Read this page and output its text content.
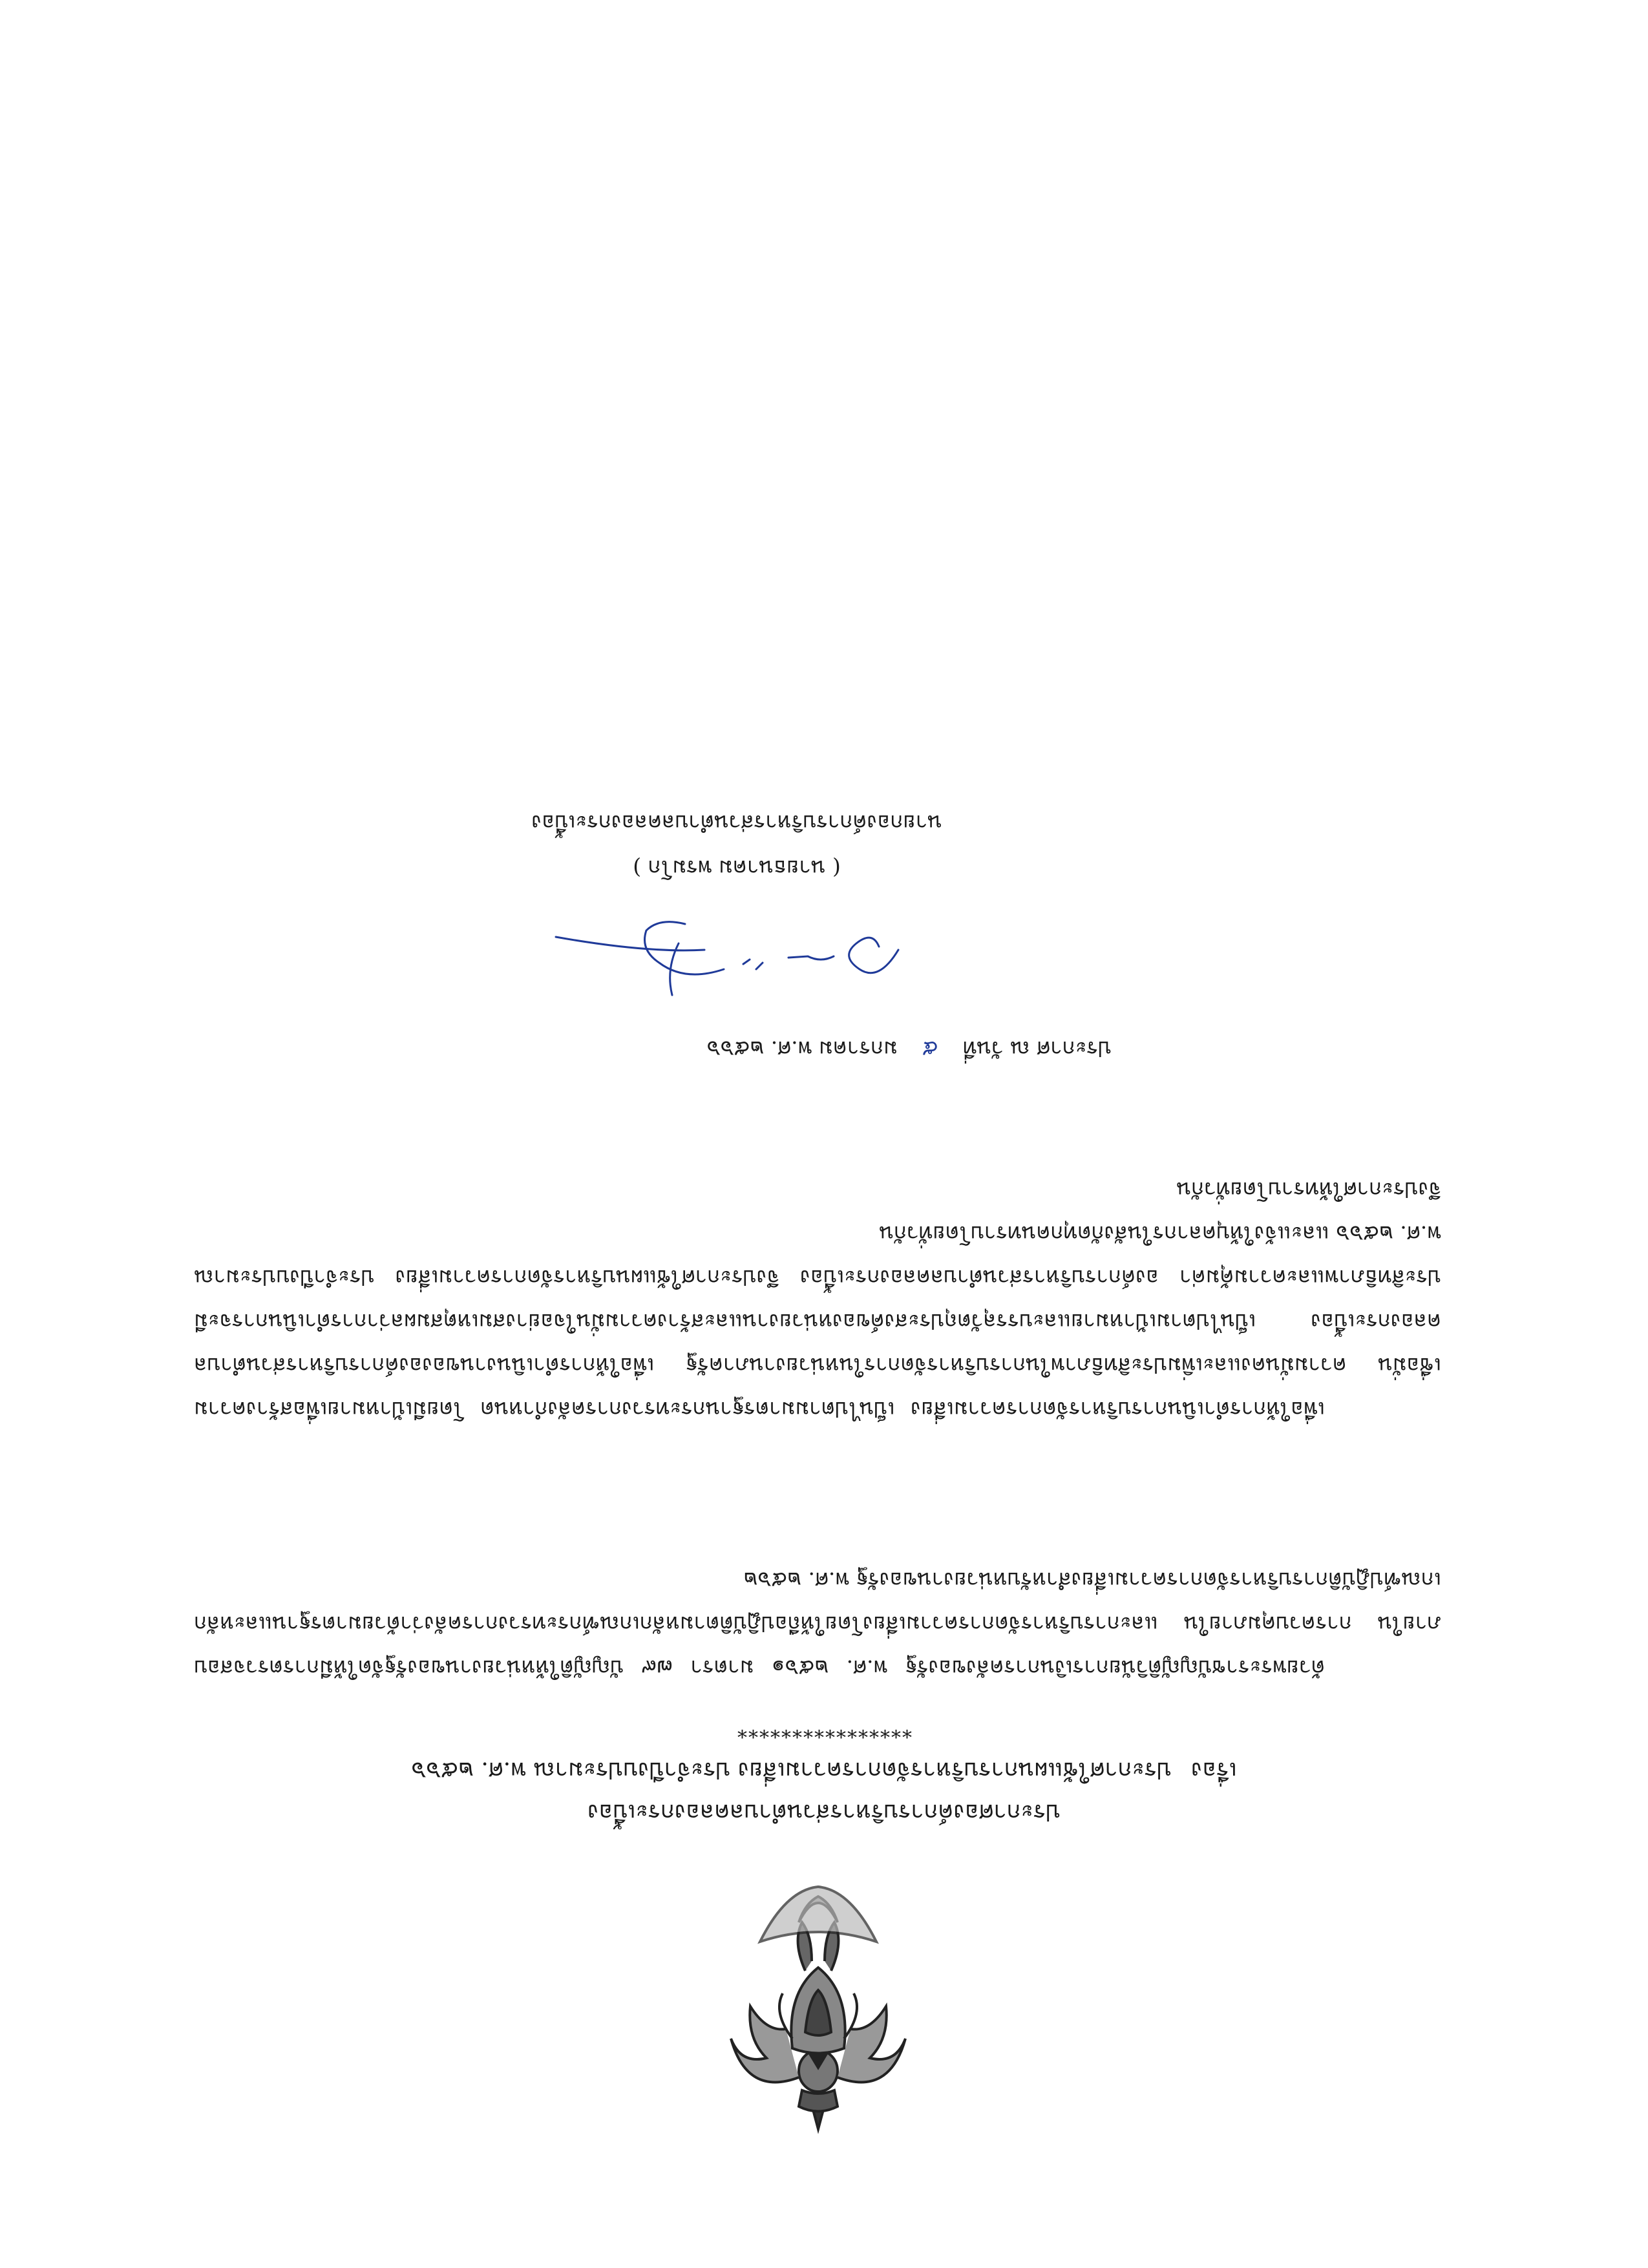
ประกาศองค์การบริหารส่วนตำบลคลองกระเบื้อง
เรื่องประกาศใช้แผนการบริหารจัดการความเสี่ยง ประจำปีงบประมาณ พ.ศ. ๒๕๖๖
****************
ด้วยพระราชบัญญัติวินัยการเงินการคลังของรัฐ พ.ศ. ๒๕๖๑ มาตรา ๗๙ บัญญัติให้หน่วยงานของรัฐจัดให้มีการตรวจสอบภายใน การควบคุมภายใน และการบริหารจัดการความเสี่ยงโดยให้ถือปฏิบัติตามหลักเกณฑ์กระทรวงการคลังว่าด้วยมาตรฐานและหลักเกณฑ์ปฏิบัติการบริหารจัดการความเสี่ยงสำหรับหน่วยงานของรัฐ พ.ศ. ๒๕๖๒
เพื่อให้การดำเนินการบริหารจัดการความเสี่ยง เป็นไปตามมาตรฐานกระทรวงการคลังกำหนด โดยมีเป้าหมายเพื่อสร้างความเชื่อมั่น ความมั่นคงและเพิ่มประสิทธิภาพในการบริหารจัดการในหน่วยงานภาครัฐ เพื่อให้การดำเนินงานขององค์การบริหารส่วนตำบลคลองกระเบื้อง เป็นไปตามเป้าหมายและบรรลุวัตถุประสงค์ของหน่วยงานและสร้างความมั่นใจอย่างสมเหตุสมผลว่าการดำเนินการจะมีประสิทธิภาพและความคุ้มค่า องค์การบริหารส่วนตำบลคลองกระเบื้อง จึงประกาศใช้แผนบริหารจัดการความเสี่ยง ประจำปีงบประมาณ พ.ศ. ๒๕๖๖ และแจ้งให้บุคลากรในสังกัดทุกคนทราบโดยทั่วกัน
จึงประกาศให้ทราบโดยทั่วกัน
ประกาศ ณ วันที่ ๕ มกราคม พ.ศ. ๒๕๖๖
( นายธนาคม พรมโก )
นายกองค์การบริหารส่วนตำบลคลองกระเบื้อง
